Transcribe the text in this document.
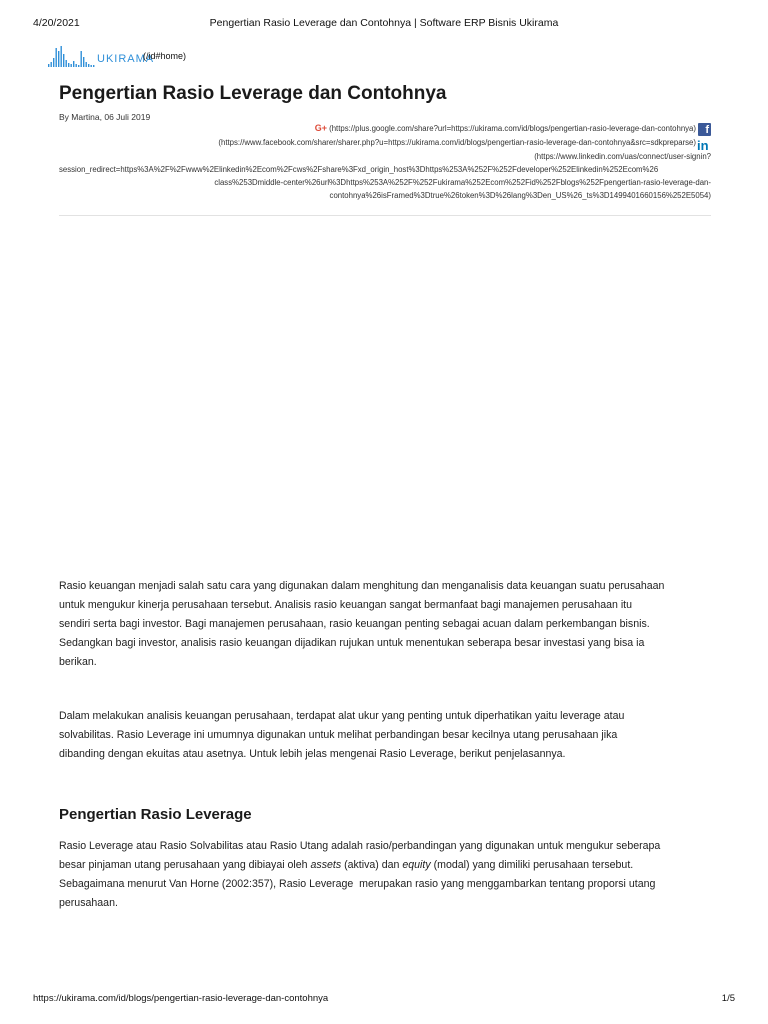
4/20/2021	Pengertian Rasio Leverage dan Contohnya | Software ERP Bisnis Ukirama
UKIRAMA
(/id#home)
Pengertian Rasio Leverage dan Contohnya
By Martina, 06 Juli 2019
G+ (https://plus.google.com/share?url=https://ukirama.com/id/blogs/pengertian-rasio-leverage-dan-contohnya) f
(https://www.facebook.com/sharer/sharer.php?u=https://ukirama.com/id/blogs/pengertian-rasio-leverage-dan-contohnya&src=sdkpreparse) in
(https://www.linkedin.com/uas/connect/user-signin?
session_redirect=https%3A%2F%2Fwww%2Elinkedin%2Ecom%2Fcws%2Fshare%3Fxd_origin_host%3Dhttps%253A%252F%252Fdeveloper%252Elinkedin%252Ecom%26
class%253Dmiddle-center%26url%3Dhttps%253A%252F%252Fukirama%252Ecom%252Fid%252Fblogs%252Fpengertian-rasio-leverage-dan-
contohnya%26isFramed%3Dtrue%26token%3D%26lang%3Den_US%26_ts%3D1499401660156%252E5054)

Rasio keuangan menjadi salah satu cara yang digunakan dalam menghitung dan menganalisis data keuangan suatu perusahaan
untuk mengukur kinerja perusahaan tersebut. Analisis rasio keuangan sangat bermanfaat bagi manajemen perusahaan itu
sendiri serta bagi investor. Bagi manajemen perusahaan, rasio keuangan penting sebagai acuan dalam perkembangan bisnis.
Sedangkan bagi investor, analisis rasio keuangan dijadikan rujukan untuk menentukan seberapa besar investasi yang bisa ia
berikan.

Dalam melakukan analisis keuangan perusahaan, terdapat alat ukur yang penting untuk diperhatikan yaitu leverage atau
solvabilitas. Rasio Leverage ini umumnya digunakan untuk melihat perbandingan besar kecilnya utang perusahaan jika
dibanding dengan ekuitas atau asetnya. Untuk lebih jelas mengenai Rasio Leverage, berikut penjelasannya.

Pengertian Rasio Leverage

Rasio Leverage atau Rasio Solvabilitas atau Rasio Utang adalah rasio/perbandingan yang digunakan untuk mengukur seberapa
besar pinjaman utang perusahaan yang dibiayai oleh assets (aktiva) dan equity (modal) yang dimiliki perusahaan tersebut.
Sebagaimana menurut Van Horne (2002:357), Rasio Leverage  merupakan rasio yang menggambarkan tentang proporsi utang
perusahaan.

https://ukirama.com/id/blogs/pengertian-rasio-leverage-dan-contohnya	1/5
